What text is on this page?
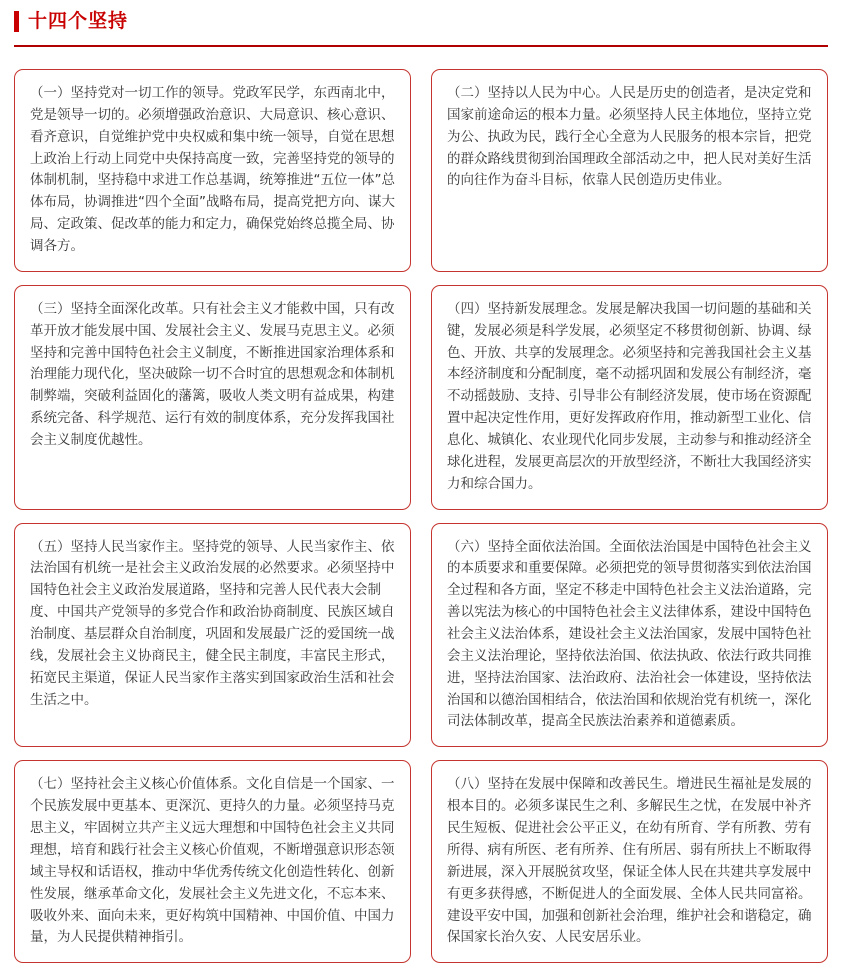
十四个坚持

（一）坚持党对一切工作的领导。党政军民学，东西南北中，党是领导一切的。必须增强政治意识、大局意识、核心意识、看齐意识，自觉维护党中央权威和集中统一领导，自觉在思想上政治上行动上同党中央保持高度一致，完善坚持党的领导的体制机制，坚持稳中求进工作总基调，统筹推进“五位一体”总体布局，协调推进“四个全面”战略布局，提高党把方向、谋大局、定政策、促改革的能力和定力，确保党始终总揽全局、协调各方。

（二）坚持以人民为中心。人民是历史的创造者，是决定党和国家前途命运的根本力量。必须坚持人民主体地位，坚持立党为公、执政为民，践行全心全意为人民服务的根本宗旨，把党的群众路线贯彻到治国理政全部活动之中，把人民对美好生活的向往作为奋斗目标，依靠人民创造历史伟业。

（三）坚持全面深化改革。只有社会主义才能救中国，只有改革开放才能发展中国、发展社会主义、发展马克思主义。必须坚持和完善中国特色社会主义制度，不断推进国家治理体系和治理能力现代化，坚决破除一切不合时宜的思想观念和体制机制弊端，突破利益固化的藩篱，吸收人类文明有益成果，构建系统完备、科学规范、运行有效的制度体系，充分发挥我国社会主义制度优越性。

（四）坚持新发展理念。发展是解决我国一切问题的基础和关键，发展必须是科学发展，必须坚定不移贯彻创新、协调、绿色、开放、共享的发展理念。必须坚持和完善我国社会主义基本经济制度和分配制度，毫不动摇巩固和发展公有制经济，毫不动摇鼓励、支持、引导非公有制经济发展，使市场在资源配置中起决定性作用，更好发挥政府作用，推动新型工业化、信息化、城镇化、农业现代化同步发展，主动参与和推动经济全球化进程，发展更高层次的开放型经济，不断壮大我国经济实力和综合国力。

（五）坚持人民当家作主。坚持党的领导、人民当家作主、依法治国有机统一是社会主义政治发展的必然要求。必须坚持中国特色社会主义政治发展道路，坚持和完善人民代表大会制度、中国共产党领导的多党合作和政治协商制度、民族区域自治制度、基层群众自治制度，巩固和发展最广泛的爱国统一战线，发展社会主义协商民主，健全民主制度，丰富民主形式，拓宽民主渠道，保证人民当家作主落实到国家政治生活和社会生活之中。

（六）坚持全面依法治国。全面依法治国是中国特色社会主义的本质要求和重要保障。必须把党的领导贯彻落实到依法治国全过程和各方面，坚定不移走中国特色社会主义法治道路，完善以宪法为核心的中国特色社会主义法律体系，建设中国特色社会主义法治体系，建设社会主义法治国家，发展中国特色社会主义法治理论，坚持依法治国、依法执政、依法行政共同推进，坚持法治国家、法治政府、法治社会一体建设，坚持依法治国和以德治国相结合，依法治国和依规治党有机统一，深化司法体制改革，提高全民族法治素养和道德素质。

（七）坚持社会主义核心价值体系。文化自信是一个国家、一个民族发展中更基本、更深沉、更持久的力量。必须坚持马克思主义，牢固树立共产主义远大理想和中国特色社会主义共同理想，培育和践行社会主义核心价值观，不断增强意识形态领域主导权和话语权，推动中华优秀传统文化创造性转化、创新性发展，继承革命文化，发展社会主义先进文化，不忘本来、吸收外来、面向未来，更好构筑中国精神、中国价值、中国力量，为人民提供精神指引。

（八）坚持在发展中保障和改善民生。增进民生福祉是发展的根本目的。必须多谋民生之利、多解民生之忧，在发展中补齐民生短板、促进社会公平正义，在幼有所育、学有所教、劳有所得、病有所医、老有所养、住有所居、弱有所扶上不断取得新进展，深入开展脱贫攻坚，保证全体人民在共建共享发展中有更多获得感，不断促进人的全面发展、全体人民共同富裕。建设平安中国，加强和创新社会治理，维护社会和谐稳定，确保国家长治久安、人民安居乐业。
